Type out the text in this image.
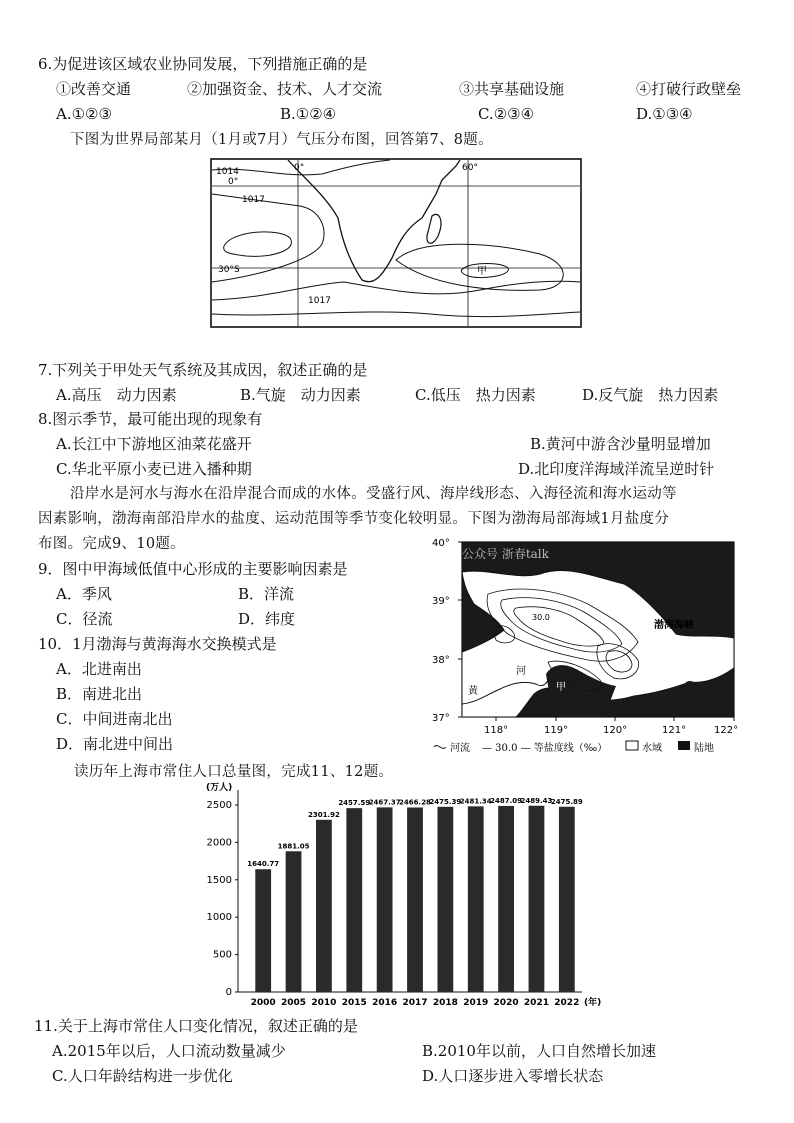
6.为促进该区域农业协同发展，下列措施正确的是
①改善交通	②加强资金、技术、人才交流	③共享基础设施	④打破行政壁垒
A.①②③	B.①②④	C.②③④	D.①③④
下图为世界局部某月（1月或7月）气压分布图，回答第7、8题。
1014
1017
1017
0°	60°
0°
30°S	甲
7.下列关于甲处天气系统及其成因，叙述正确的是
A.高压　动力因素	B.气旋　动力因素	C.低压　热力因素	D.反气旋　热力因素
8.图示季节，最可能出现的现象有
A.长江中下游地区油菜花盛开	B.黄河中游含沙量明显增加
C.华北平原小麦已进入播种期	D.北印度洋海域洋流呈逆时针
沿岸水是河水与海水在沿岸混合而成的水体。受盛行风、海岸线形态、入海径流和海水运动等
因素影响，渤海南部沿岸水的盐度、运动范围等季节变化较明显。下图为渤海局部海域1月盐度分
布图。完成9、10题。
9．图中甲海域低值中心形成的主要影响因素是
A．季风	B．洋流
C．径流	D．纬度
10．1月渤海与黄海海水交换模式是
A．北进南出
B．南进北出
C．中间进南北出
D．南北进中间出
公众号 浙春talk
40°
39°
38°
37°
118°	119°	120°	121°	122°
渤海海峡
黄
河
30.0
甲
河流 — 30.0 — 等盐度线（‰）	水域	陆地
读历年上海市常住人口总量图，完成11、12题。
(万人)
0
500
1000
1500
2000
2500
1640.77
2000
1881.05
2005
2301.92
2010
2457.59
2015
2467.37
2016
2466.28
2017
2475.39
2018
2481.34
2019
2487.09
2020
2489.43
2021
2475.89
2022 (年)
11.关于上海市常住人口变化情况，叙述正确的是
A.2015年以后，人口流动数量减少	B.2010年以前，人口自然增长加速
C.人口年龄结构进一步优化	D.人口逐步进入零增长状态
